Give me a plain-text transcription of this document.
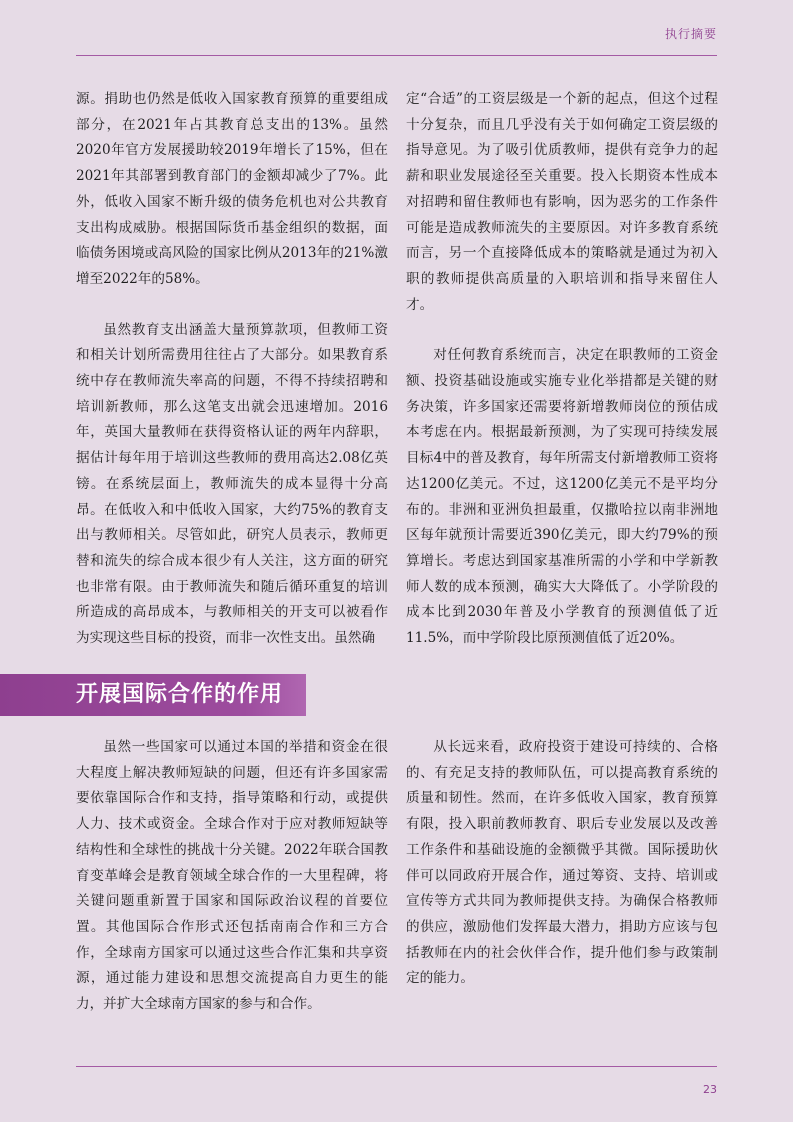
执行摘要

源。捐助也仍然是低收入国家教育预算的重要组成部分，在2021年占其教育总支出的13%。虽然2020年官方发展援助较2019年增长了15%，但在2021年其部署到教育部门的金额却减少了7%。此外，低收入国家不断升级的债务危机也对公共教育支出构成威胁。根据国际货币基金组织的数据，面临债务困境或高风险的国家比例从2013年的21%激增至2022年的58%。

虽然教育支出涵盖大量预算款项，但教师工资和相关计划所需费用往往占了大部分。如果教育系统中存在教师流失率高的问题，不得不持续招聘和培训新教师，那么这笔支出就会迅速增加。2016年，英国大量教师在获得资格认证的两年内辞职，据估计每年用于培训这些教师的费用高达2.08亿英镑。在系统层面上，教师流失的成本显得十分高昂。在低收入和中低收入国家，大约75%的教育支出与教师相关。尽管如此，研究人员表示，教师更替和流失的综合成本很少有人关注，这方面的研究也非常有限。由于教师流失和随后循环重复的培训所造成的高昂成本，与教师相关的开支可以被看作为实现这些目标的投资，而非一次性支出。虽然确

定“合适”的工资层级是一个新的起点，但这个过程十分复杂，而且几乎没有关于如何确定工资层级的指导意见。为了吸引优质教师，提供有竞争力的起薪和职业发展途径至关重要。投入长期资本性成本对招聘和留住教师也有影响，因为恶劣的工作条件可能是造成教师流失的主要原因。对许多教育系统而言，另一个直接降低成本的策略就是通过为初入职的教师提供高质量的入职培训和指导来留住人才。

对任何教育系统而言，决定在职教师的工资金额、投资基础设施或实施专业化举措都是关键的财务决策，许多国家还需要将新增教师岗位的预估成本考虑在内。根据最新预测，为了实现可持续发展目标4中的普及教育，每年所需支付新增教师工资将达1200亿美元。不过，这1200亿美元不是平均分布的。非洲和亚洲负担最重，仅撒哈拉以南非洲地区每年就预计需要近390亿美元，即大约79%的预算增长。考虑达到国家基准所需的小学和中学新教师人数的成本预测，确实大大降低了。小学阶段的成本比到2030年普及小学教育的预测值低了近11.5%，而中学阶段比原预测值低了近20%。

开展国际合作的作用

虽然一些国家可以通过本国的举措和资金在很大程度上解决教师短缺的问题，但还有许多国家需要依靠国际合作和支持，指导策略和行动，或提供人力、技术或资金。全球合作对于应对教师短缺等结构性和全球性的挑战十分关键。2022年联合国教育变革峰会是教育领域全球合作的一大里程碑，将关键问题重新置于国家和国际政治议程的首要位置。其他国际合作形式还包括南南合作和三方合作，全球南方国家可以通过这些合作汇集和共享资源，通过能力建设和思想交流提高自力更生的能力，并扩大全球南方国家的参与和合作。

从长远来看，政府投资于建设可持续的、合格的、有充足支持的教师队伍，可以提高教育系统的质量和韧性。然而，在许多低收入国家，教育预算有限，投入职前教师教育、职后专业发展以及改善工作条件和基础设施的金额微乎其微。国际援助伙伴可以同政府开展合作，通过筹资、支持、培训或宣传等方式共同为教师提供支持。为确保合格教师的供应，激励他们发挥最大潜力，捐助方应该与包括教师在内的社会伙伴合作，提升他们参与政策制定的能力。

23
